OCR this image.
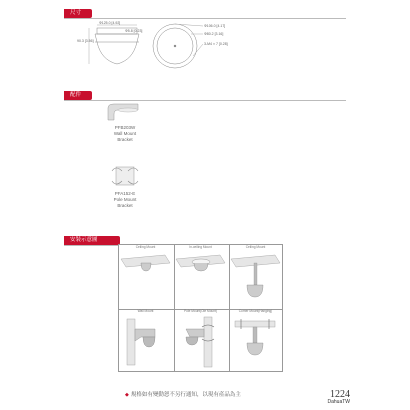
尺寸
Φ125.0 [4.92]
90.3 [3.56]
Φ5.8 [0.23]
Φ106.0 [4.17]
Φ80.2 [3.16]
3-M4 × 7 [0.28]
配件
PFB203W
Wall Mount
Bracket
PFA152-E
Pole Mount
Bracket
安裝示意圖
Ceiling Mount	In-ceiling Mount	Ceiling Mount
Wall Mount	Pole Mount(Ole Mount)	Corner Mount(Hanging)
◆ 規格如有變動恕不另行通知，以現有產品為主	1224
DahuaTW
